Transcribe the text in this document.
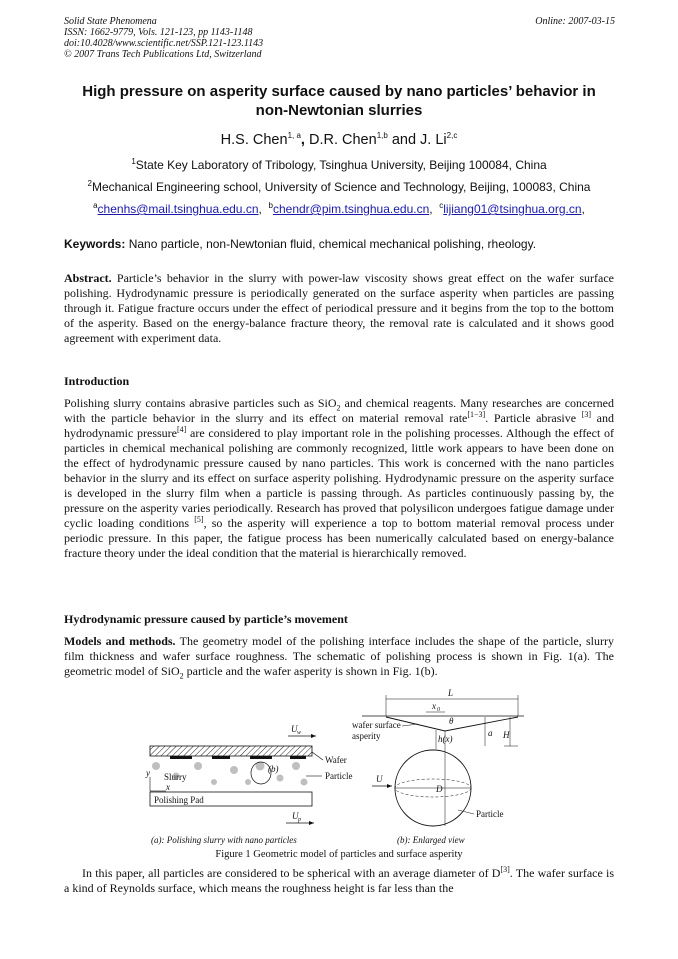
Solid State Phenomena
ISSN: 1662-9779, Vols. 121-123, pp 1143-1148
doi:10.4028/www.scientific.net/SSP.121-123.1143
© 2007 Trans Tech Publications Ltd, Switzerland
Online: 2007-03-15
High pressure on asperity surface caused by nano particles’ behavior in
non-Newtonian slurries
H.S. Chen$^{1, a}$, D.R. Chen$^{1,b}$ and J. Li$^{2,c}$
$^1$State Key Laboratory of Tribology, Tsinghua University, Beijing 100084, China
$^2$Mechanical Engineering school, University of Science and Technology, Beijing, 100083, China
$^a$chenhs@mail.tsinghua.edu.cn, $^b$chendr@pim.tsinghua.edu.cn, $^c$lijiang01@tsinghua.org.cn,
Keywords: Nano particle, non-Newtonian fluid, chemical mechanical polishing, rheology.
Abstract. Particle’s behavior in the slurry with power-law viscosity shows great effect on the wafer surface polishing. Hydrodynamic pressure is periodically generated on the surface asperity when particles are passing through it. Fatigue fracture occurs under the effect of periodical pressure and it begins from the top to the bottom of the asperity. Based on the energy-balance fracture theory, the removal rate is calculated and it shows good agreement with experiment data.
Introduction
Polishing slurry contains abrasive particles such as SiO$_2$ and chemical reagents. Many researches are concerned with the particle behavior in the slurry and its effect on material removal rate[1−3]. Particle abrasive [3] and hydrodynamic pressure[4] are considered to play important role in the polishing processes. Although the effect of particles in chemical mechanical polishing are commonly recognized, little work appears to have been done on the effect of hydrodynamic pressure caused by nano particles. This work is concerned with the nano particles behavior in the slurry and its effect on surface asperity polishing. Hydrodynamic pressure on the asperity surface is developed in the slurry film when a particle is passing through. As particles continuously passing by, the pressure on the asperity varies periodically. Research has proved that polysilicon undergoes fatigue damage under cyclic loading conditions [5], so the asperity will experience a top to bottom material removal process under periodic pressure. In this paper, the fatigue process has been numerically calculated based on energy-balance fracture theory under the ideal condition that the material is hierarchically removed.
Hydrodynamic pressure caused by particle’s movement
Models and methods. The geometry model of the polishing interface includes the shape of the particle, slurry film thickness and wafer surface roughness. The schematic of polishing process is shown in Fig. 1(a). The geometric model of SiO$_2$ particle and the wafer asperity is shown in Fig. 1(b).
U w
(b)
Slurry
y
x
Polishing Pad
Wafer
Particle
U p
(a): Polishing slurry with nano particles
L
x 0
θ
wafer surface
asperity	h(x)
a H
D
U
Particle
(b): Enlarged view
Figure 1 Geometric model of particles and surface asperity
In this paper, all particles are considered to be spherical with an average diameter of D[3]. The wafer surface is a kind of Reynolds surface, which means the roughness height is far less than the
